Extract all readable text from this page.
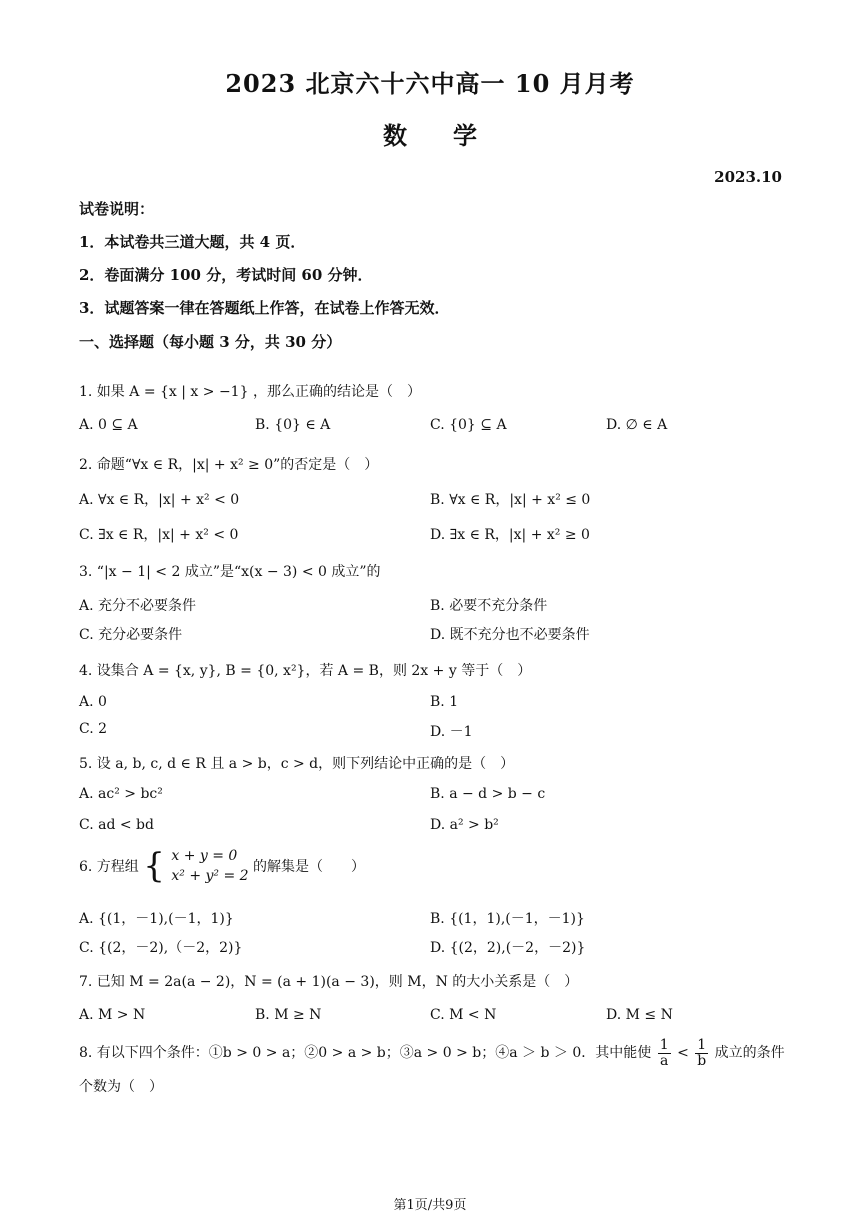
2023 北京六十六中高一 10 月月考
数学
2023.10
试卷说明：
1．本试卷共三道大题，共 4 页．
2．卷面满分 100 分，考试时间 60 分钟．
3．试题答案一律在答题纸上作答，在试卷上作答无效．
一、选择题（每小题 3 分，共 30 分）
1. 如果 A = {x | x > −1} ，那么正确的结论是（　）
A. 0 ⊆ A	B. {0} ∈ A	C. {0} ⊆ A	D. ∅ ∈ A
2. 命题“∀x ∈ R，|x| + x² ≥ 0”的否定是（　）
A. ∀x ∈ R，|x| + x² < 0	B. ∀x ∈ R，|x| + x² ≤ 0
C. ∃x ∈ R，|x| + x² < 0	D. ∃x ∈ R，|x| + x² ≥ 0
3. “|x − 1| < 2 成立”是“x(x − 3) < 0 成立”的
A. 充分不必要条件	B. 必要不充分条件
C. 充分必要条件	D. 既不充分也不必要条件
4. 设集合 A = {x, y}, B = {0, x²}，若 A = B，则 2x + y 等于（　）
A. 0	B. 1
C. 2	D. －1
5. 设 a, b, c, d ∈ R 且 a > b，c > d，则下列结论中正确的是（　）
A. ac² > bc²	B. a − d > b − c
C. ad < bd	D. a² > b²
6. 方程组 { x + y = 0
x² + y² = 2
的解集是（　　）
A. {(1，－1),(－1，1)}	B. {(1，1),(－1，－1)}
C. {(2，－2),（－2，2)}	D. {(2，2),(－2，－2)}
7. 已知 M = 2a(a − 2)，N = (a + 1)(a − 3)，则 M，N 的大小关系是（　）
A. M > N	B. M ≥ N	C. M < N	D. M ≤ N
8. 有以下四个条件：①b > 0 > a；②0 > a > b；③a > 0 > b；④a ＞ b ＞ 0．其中能使 $\frac{1}{a} < \frac{1}{b}$ 成立的条件个数为（　）
第1页/共9页
